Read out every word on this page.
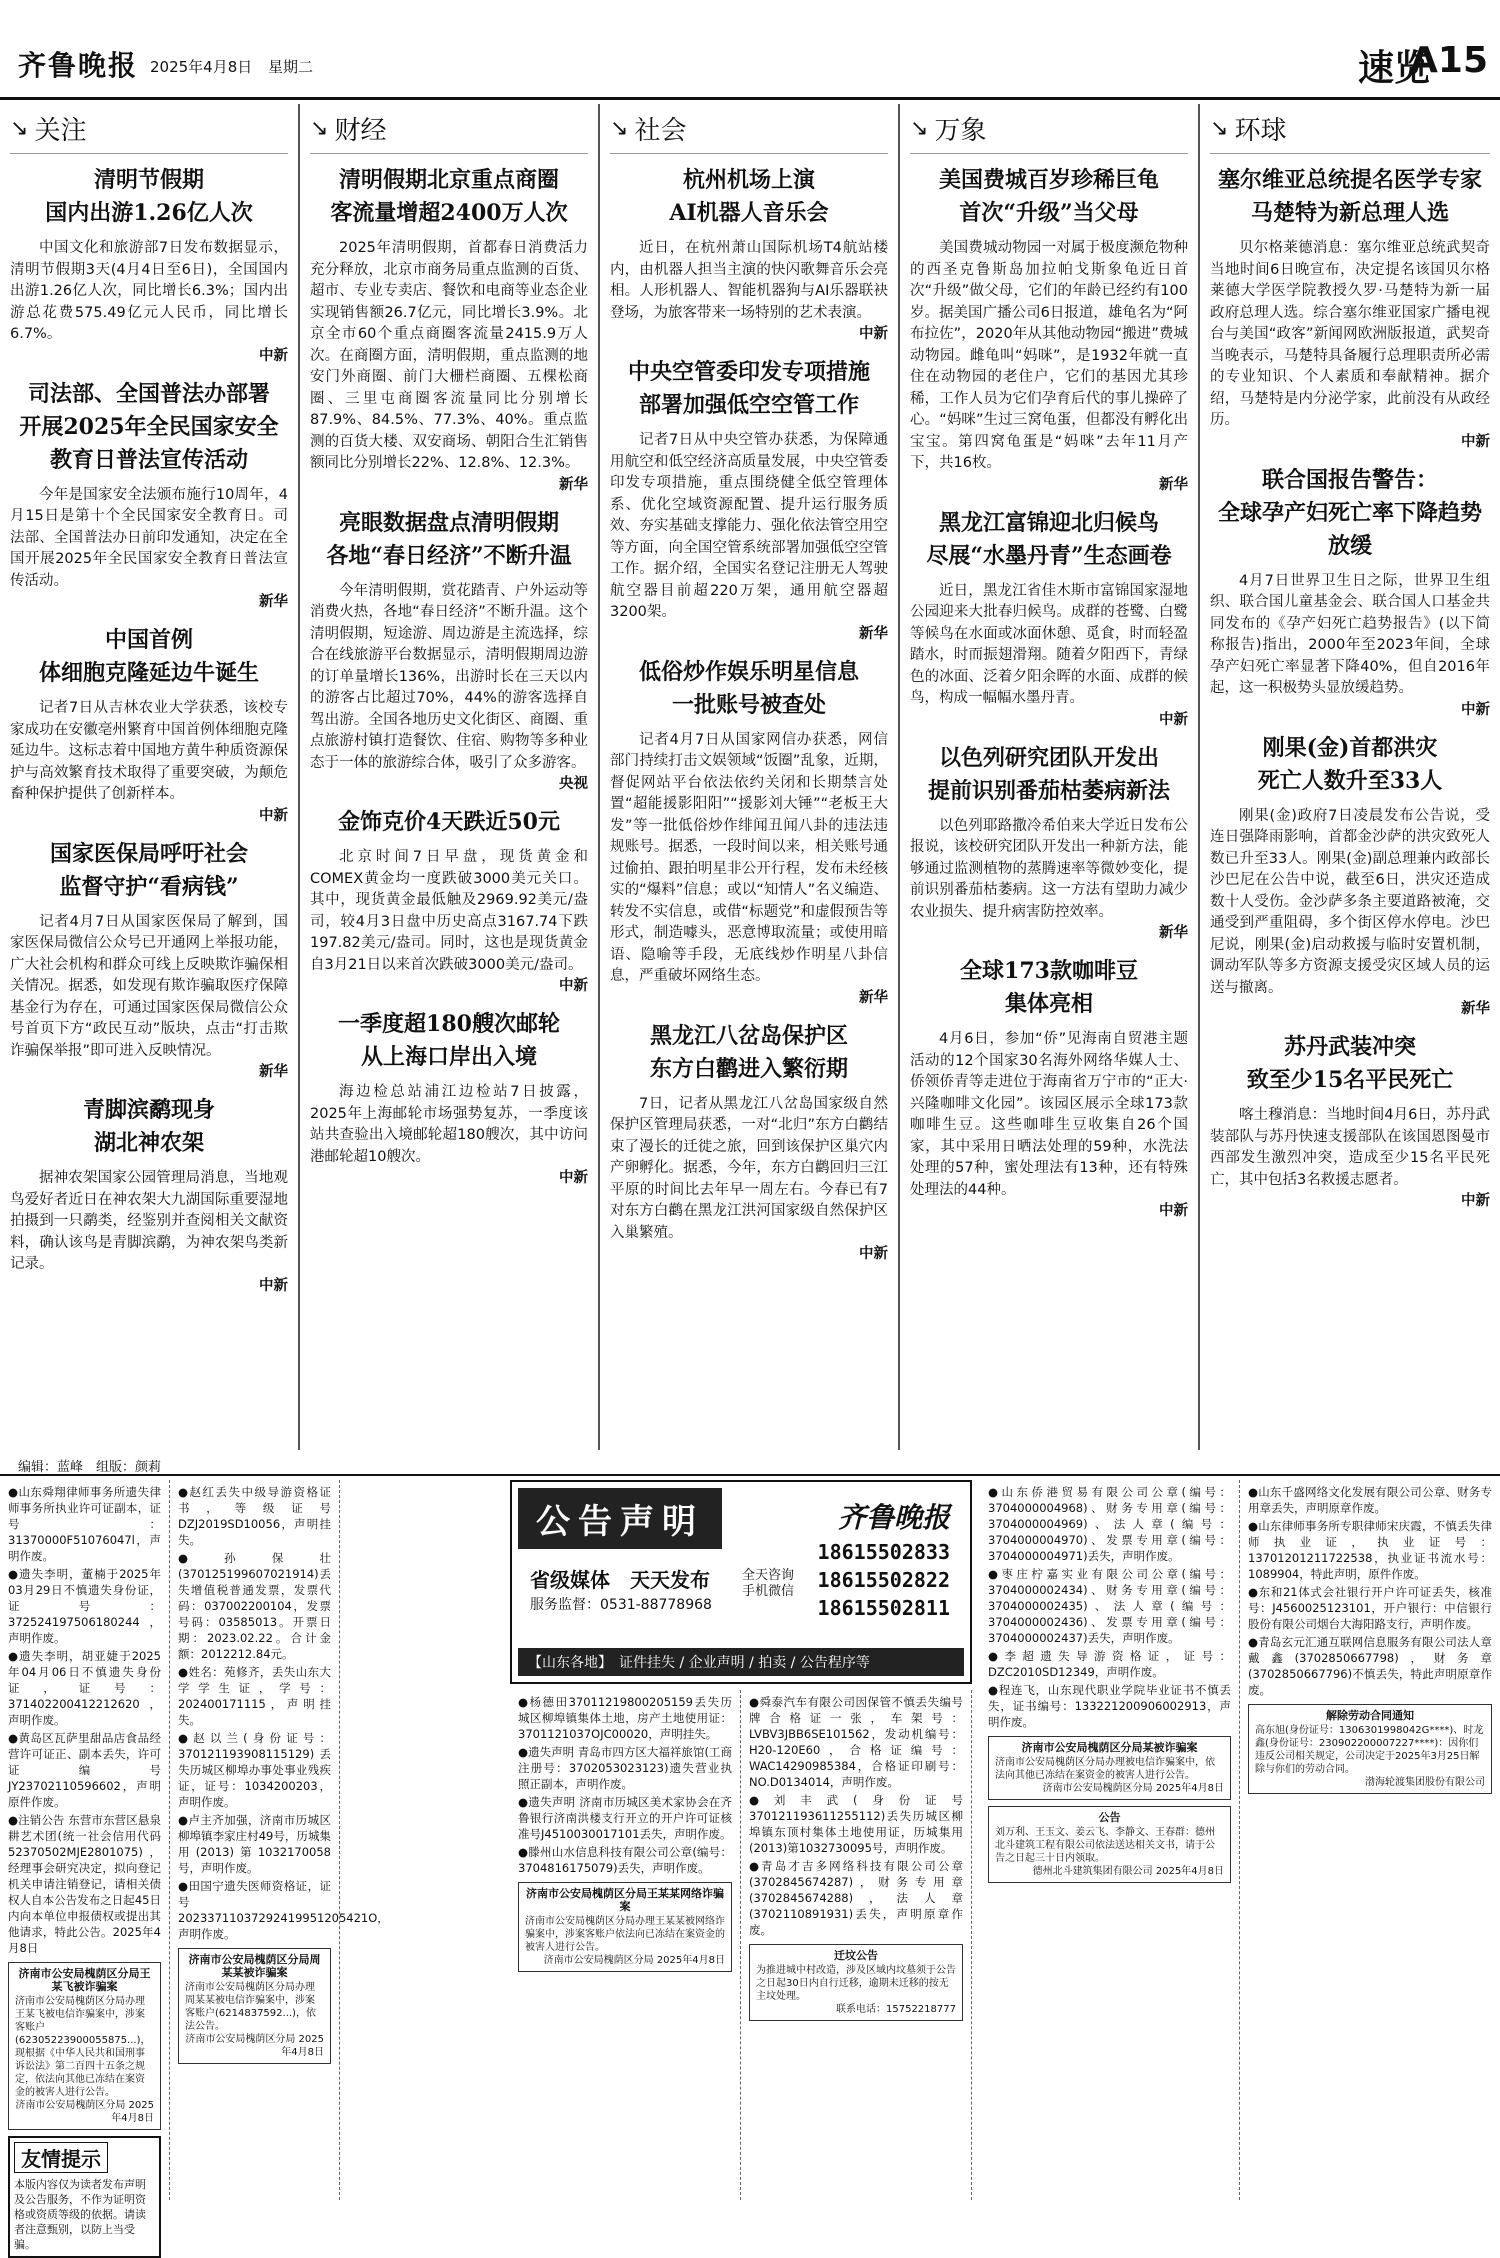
齐鲁晚报 2025年4月8日 星期二	速览
A15
↘ 关注
清明节假期
国内出游1.26亿人次

中国文化和旅游部7日发布数据显示，清明节假期3天(4月4日至6日)，全国国内出游1.26亿人次，同比增长6.3%；国内出游总花费575.49亿元人民币，同比增长6.7%。

中新
司法部、全国普法办部署
开展2025年全民国家安全教育日普法宣传活动

今年是国家安全法颁布施行10周年，4月15日是第十个全民国家安全教育日。司法部、全国普法办日前印发通知，决定在全国开展2025年全民国家安全教育日普法宣传活动。

新华
中国首例
体细胞克隆延边牛诞生

记者7日从吉林农业大学获悉，该校专家成功在安徽亳州繁育中国首例体细胞克隆延边牛。这标志着中国地方黄牛种质资源保护与高效繁育技术取得了重要突破，为颠危畜种保护提供了创新样本。

中新
国家医保局呼吁社会
监督守护“看病钱”

记者4月7日从国家医保局了解到，国家医保局微信公众号已开通网上举报功能，广大社会机构和群众可线上反映欺诈骗保相关情况。据悉，如发现有欺诈骗取医疗保障基金行为存在，可通过国家医保局微信公众号首页下方“政民互动”版块，点击“打击欺诈骗保举报”即可进入反映情况。

新华
青脚滨鹬现身
湖北神农架

据神农架国家公园管理局消息，当地观鸟爱好者近日在神农架大九湖国际重要湿地拍摄到一只鹬类，经鉴别并查阅相关文献资料，确认该鸟是青脚滨鹬，为神农架鸟类新记录。

中新
↘ 财经
清明假期北京重点商圈
客流量增超2400万人次

2025年清明假期，首都春日消费活力充分释放，北京市商务局重点监测的百货、超市、专业专卖店、餐饮和电商等业态企业实现销售额26.7亿元，同比增长3.9%。北京全市60个重点商圈客流量2415.9万人次。在商圈方面，清明假期，重点监测的地安门外商圈、前门大栅栏商圈、五棵松商圈、三里屯商圈客流量同比分别增长87.9%、84.5%、77.3%、40%。重点监测的百货大楼、双安商场、朝阳合生汇销售额同比分别增长22%、12.8%、12.3%。

新华
亮眼数据盘点清明假期
各地“春日经济”不断升温

今年清明假期，赏花踏青、户外运动等消费火热，各地“春日经济”不断升温。这个清明假期，短途游、周边游是主流选择，综合在线旅游平台数据显示，清明假期周边游的订单量增长136%，出游时长在三天以内的游客占比超过70%，44%的游客选择自驾出游。全国各地历史文化街区、商圈、重点旅游村镇打造餐饮、住宿、购物等多种业态于一体的旅游综合体，吸引了众多游客。

央视
金饰克价4天跌近50元

北京时间7日早盘，现货黄金和COMEX黄金均一度跌破3000美元关口。其中，现货黄金最低触及2969.92美元/盎司，较4月3日盘中历史高点3167.74下跌197.82美元/盎司。同时，这也是现货黄金自3月21日以来首次跌破3000美元/盎司。

中新
一季度超180艘次邮轮
从上海口岸出入境

海边检总站浦江边检站7日披露，2025年上海邮轮市场强势复苏，一季度该站共查验出入境邮轮超180艘次，其中访问港邮轮超10艘次。

中新
↘ 社会
杭州机场上演
AI机器人音乐会

近日，在杭州萧山国际机场T4航站楼内，由机器人担当主演的快闪歌舞音乐会亮相。人形机器人、智能机器狗与AI乐器联袂登场，为旅客带来一场特别的艺术表演。

中新
中央空管委印发专项措施
部署加强低空空管工作

记者7日从中央空管办获悉，为保障通用航空和低空经济高质量发展，中央空管委印发专项措施，重点围绕健全低空管理体系、优化空域资源配置、提升运行服务质效、夯实基础支撑能力、强化依法管空用空等方面，向全国空管系统部署加强低空空管工作。据介绍，全国实名登记注册无人驾驶航空器目前超220万架，通用航空器超3200架。

新华
低俗炒作娱乐明星信息
一批账号被查处

记者4月7日从国家网信办获悉，网信部门持续打击文娱领域“饭圈”乱象，近期，督促网站平台依法依约关闭和长期禁言处置“超能援影阳阳”“援影刘大锤”“老板王大发”等一批低俗炒作绯闻丑闻八卦的违法违规账号。据悉，一段时间以来，相关账号通过偷拍、跟拍明星非公开行程，发布未经核实的“爆料”信息；或以“知情人”名义编造、转发不实信息，或借“标题党”和虚假预告等形式，制造噱头，恶意博取流量；或使用暗语、隐喻等手段，无底线炒作明星八卦信息，严重破坏网络生态。

新华
黑龙江八岔岛保护区
东方白鹳进入繁衍期

7日，记者从黑龙江八岔岛国家级自然保护区管理局获悉，一对“北归”东方白鹳结束了漫长的迁徙之旅，回到该保护区巢穴内产卵孵化。据悉，今年，东方白鹳回归三江平原的时间比去年早一周左右。今春已有7对东方白鹳在黑龙江洪河国家级自然保护区入巢繁殖。

中新
↘ 万象
美国费城百岁珍稀巨龟
首次“升级”当父母

美国费城动物园一对属于极度濒危物种的西圣克鲁斯岛加拉帕戈斯象龟近日首次“升级”做父母，它们的年龄已经约有100岁。据美国广播公司6日报道，雄龟名为“阿布拉佐”，2020年从其他动物园“搬进”费城动物园。雌龟叫“妈咪”，是1932年就一直住在动物园的老住户，它们的基因尤其珍稀，工作人员为它们孕育后代的事儿操碎了心。“妈咪”生过三窝龟蛋，但都没有孵化出宝宝。第四窝龟蛋是“妈咪”去年11月产下，共16枚。

新华
黑龙江富锦迎北归候鸟
尽展“水墨丹青”生态画卷

近日，黑龙江省佳木斯市富锦国家湿地公园迎来大批春归候鸟。成群的苍鹭、白鹭等候鸟在水面或冰面休憩、觅食，时而轻盈踏水，时而振翅滑翔。随着夕阳西下，青绿色的冰面、泛着夕阳余晖的水面、成群的候鸟，构成一幅幅水墨丹青。

中新
以色列研究团队开发出
提前识别番茄枯萎病新法

以色列耶路撒冷希伯来大学近日发布公报说，该校研究团队开发出一种新方法，能够通过监测植物的蒸腾速率等微妙变化，提前识别番茄枯萎病。这一方法有望助力减少农业损失、提升病害防控效率。

新华
全球173款咖啡豆
集体亮相

4月6日，参加“侨”见海南自贸港主题活动的12个国家30名海外网络华媒人士、侨领侨青等走进位于海南省万宁市的“正大·兴隆咖啡文化园”。该园区展示全球173款咖啡生豆。这些咖啡生豆收集自26个国家，其中采用日晒法处理的59种，水洗法处理的57种，蜜处理法有13种，还有特殊处理法的44种。

中新
↘ 环球
塞尔维亚总统提名医学专家
马楚特为新总理人选

贝尔格莱德消息：塞尔维亚总统武契奇当地时间6日晚宣布，决定提名该国贝尔格莱德大学医学院教授久罗·马楚特为新一届政府总理人选。综合塞尔维亚国家广播电视台与美国“政客”新闻网欧洲版报道，武契奇当晚表示，马楚特具备履行总理职责所必需的专业知识、个人素质和奉献精神。据介绍，马楚特是内分泌学家，此前没有从政经历。

中新
联合国报告警告：
全球孕产妇死亡率下降趋势放缓

4月7日世界卫生日之际，世界卫生组织、联合国儿童基金会、联合国人口基金共同发布的《孕产妇死亡趋势报告》(以下简称报告)指出，2000年至2023年间，全球孕产妇死亡率显著下降40%，但自2016年起，这一积极势头显放缓趋势。

中新
刚果(金)首都洪灾
死亡人数升至33人

刚果(金)政府7日凌晨发布公告说，受连日强降雨影响，首都金沙萨的洪灾致死人数已升至33人。刚果(金)副总理兼内政部长沙巴尼在公告中说，截至6日，洪灾还造成数十人受伤。金沙萨多条主要道路被淹，交通受到严重阻碍，多个街区停水停电。沙巴尼说，刚果(金)启动救援与临时安置机制，调动军队等多方资源支援受灾区域人员的运送与撤离。

新华
苏丹武装冲突
致至少15名平民死亡

喀土穆消息：当地时间4月6日，苏丹武装部队与苏丹快速支援部队在该国恩图曼市西部发生激烈冲突，造成至少15名平民死亡，其中包括3名救援志愿者。

中新
编辑：蓝峰　组版：颜莉
●山东舜翔律师事务所遗失律师事务所执业许可证副本，证号：31370000F51076047l，声明作废。
●遗失李明，董楠于2025年03月29日不慎遗失身份证，证号：372524197506180244，声明作废。
●遗失李明，胡亚婕于2025年04月06日不慎遗失身份证，证号：371402200412212620，声明作废。
●黄岛区瓦萨里甜品店食品经营许可证正、副本丢失，许可证编号JY23702110596602，声明原件作废。
●注销公告 东营市东营区悬泉耕艺术团(统一社会信用代码52370502MJE2801075)，经理事会研究决定，拟向登记机关申请注销登记，请相关债权人自本公告发布之日起45日内向本单位申报债权或提出其他请求，特此公告。2025年4月8日
济南市公安局槐荫区分局王某飞被诈骗案
济南市公安局槐荫区分局办理王某飞被电信诈骗案中，涉案客账户(62305223900055875...)，现根据《中华人民共和国刑事诉讼法》第二百四十五条之规定，依法向其他已冻结在案资金的被害人进行公告。
济南市公安局槐荫区分局 2025年4月8日
友情提示

本版内容仅为读者发布声明及公告服务，不作为证明资格或资质等级的依据。请读者注意甄别，以防上当受骗。

●赵红丢失中级导游资格证书，等级证号DZJ2019SD10056，声明挂失。
●孙保壮(370125199607021914)丢失增值税普通发票，发票代码：037002200104，发票号码：03585013。开票日期：2023.02.22。合计金额：2012212.84元。
●姓名：苑修齐，丢失山东大学学生证，学号：202400171115，声明挂失。
●赵以兰(身份证号：370121193908115129)丢失历城区柳埠办事处事业残疾证，证号：1034200203，声明作废。
●卢主齐加强，济南市历城区柳埠镇李家庄村49号，历城集用(2013)第1032170058号，声明作废。
●田国宁遗失医师资格证，证号20233711037292419951205421O，声明作废。
济南市公安局槐荫区分局周某某被诈骗案
济南市公安局槐荫区分局办理周某某被电信诈骗案中，涉案客账户(6214837592...)，依法公告。
济南市公安局槐荫区分局 2025年4月8日
公告声明	齐鲁晚报
省级媒体　天天发布
服务监督：0531-88778968
全天咨询 手机微信
18615502833
18615502822
18615502811
【山东各地】　证件挂失 / 企业声明 / 拍卖 / 公告程序等
●杨德田37011219800205159丢失历城区柳埠镇集体土地，房产土地使用证：3701121037OJC00020，声明挂失。
●遗失声明 青岛市四方区大福祥旅馆(工商注册号：3702053023123)遗失营业执照正副本，声明作废。
●遗失声明 济南市历城区美术家协会在齐鲁银行济南洪楼支行开立的开户许可证核准号J4510030017101丢失，声明作废。
●滕州山水信息科技有限公司公章(编号：3704816175079)丢失，声明作废。
济南市公安局槐荫区分局王某某网络诈骗案
济南市公安局槐荫区分局办理王某某被网络诈骗案中，涉案客账户依法向已冻结在案资金的被害人进行公告。
济南市公安局槐荫区分局 2025年4月8日
●舜泰汽车有限公司因保管不慎丢失编号牌合格证一张，车架号：LVBV3JBB6SE101562，发动机编号：H20-120E60，合格证编号：WAC14290985384，合格证印刷号：NO.D0134014，声明作废。
●刘丰武(身份证号370121193611255112)丢失历城区柳埠镇东顶村集体土地使用证，历城集用(2013)第1032730095号，声明作废。
●青岛才吉多网络科技有限公司公章(3702845674287)，财务专用章(3702845674288)，法人章(3702110891931)丢失，声明原章作废。
迁坟公告
为推进城中村改造，涉及区域内坟墓须于公告之日起30日内自行迁移，逾期未迁移的按无主坟处理。
联系电话：15752218777
●山东侨港贸易有限公司公章(编号：3704000004968)、财务专用章(编号：3704000004969)、法人章(编号：3704000004970)、发票专用章(编号：3704000004971)丢失，声明作废。
●枣庄柠嘉实业有限公司公章(编号：3704000002434)、财务专用章(编号：3704000002435)、法人章(编号：3704000002436)、发票专用章(编号：3704000002437)丢失，声明作废。
●李超遗失导游资格证，证号：DZC2010SD12349，声明作废。
●程连飞，山东现代职业学院毕业证书不慎丢失，证书编号：133221200906002913，声明作废。
济南市公安局槐荫区分局某被诈骗案
济南市公安局槐荫区分局办理被电信诈骗案中，依法向其他已冻结在案资金的被害人进行公告。
济南市公安局槐荫区分局 2025年4月8日
公告
刘万利、王玉文、姜云飞、李静文、王春群：德州北斗建筑工程有限公司依法送达相关文书，请于公告之日起三十日内领取。
德州北斗建筑集团有限公司 2025年4月8日
●山东千盛网络文化发展有限公司公章、财务专用章丢失，声明原章作废。
●山东律师事务所专职律师宋庆霞，不慎丢失律师执业证，执业证号：13701201211722538，执业证书流水号：1089904，特此声明，原件作废。
●东和21体式会社银行开户许可证丢失，核准号：J4560025123101，开户银行：中信银行股份有限公司烟台大海阳路支行，声明作废。
●青岛玄元汇通互联网信息服务有限公司法人章戴鑫(3702850667798)，财务章(3702850667796)不慎丢失，特此声明原章作废。
解除劳动合同通知
高东旭(身份证号：1306301998042G****)、时龙鑫(身份证号：230902200007227****)：因你们违反公司相关规定，公司决定于2025年3月25日解除与你们的劳动合同。
渤海轮渡集团股份有限公司
